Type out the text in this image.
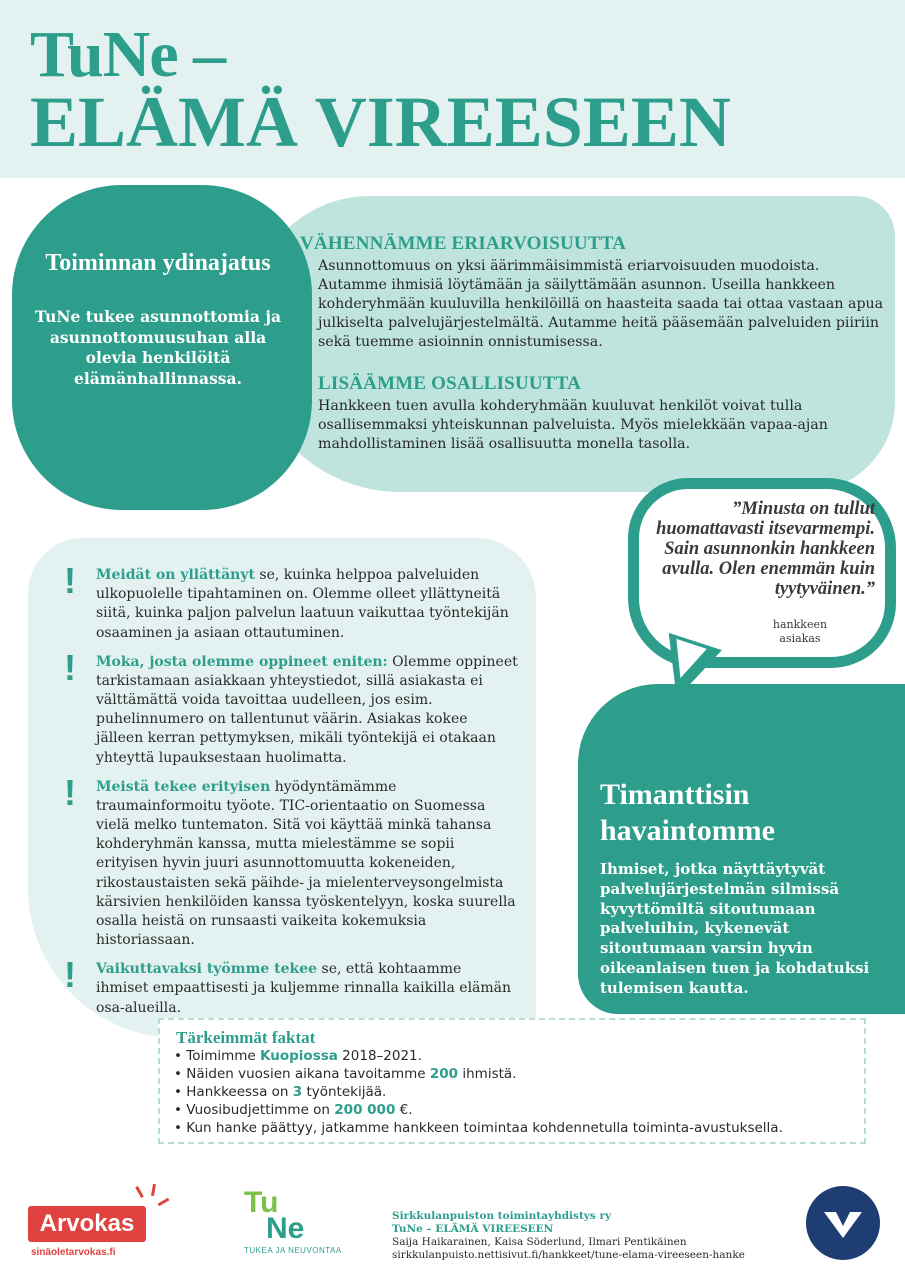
TuNe –
ELÄMÄ VIREESEEN
Toiminnan ydinajatus

TuNe tukee asunnottomia ja asunnottomuusuhan alla olevia henkilöitä elämänhallinnassa.

VÄHENNÄMME ERIARVOISUUTTA
Asunnottomuus on yksi äärimmäisimmistä eriarvoisuuden muodoista. Autamme ihmisiä löytämään ja säilyttämään asunnon. Useilla hankkeen kohderyhmään kuuluvilla henkilöillä on haasteita saada tai ottaa vastaan apua julkiselta palvelujärjestelmältä. Autamme heitä pääsemään palveluiden piiriin sekä tuemme asioinnin onnistumisessa.
LISÄÄMME OSALLISUUTTA
Hankkeen tuen avulla kohderyhmään kuuluvat henkilöt voivat tulla osallisemmaksi yhteiskunnan palveluista. Myös mielekkään vapaa-ajan mahdollistaminen lisää osallisuutta monella tasolla.
”Minusta on tullut huomattavasti itsevarmempi. Sain asunnonkin hankkeen avulla. Olen enemmän kuin tyytyväinen.”
hankkeen asiakas
!	Meidät on yllättänyt se, kuinka helppoa palveluiden ulkopuolelle tipahtaminen on. Olemme olleet yllättyneitä siitä, kuinka paljon palvelun laatuun vaikuttaa työntekijän osaaminen ja asiaan ottautuminen.
!	Moka, josta olemme oppineet eniten: Olemme oppineet tarkistamaan asiakkaan yhteystiedot, sillä asiakasta ei välttämättä voida tavoittaa uudelleen, jos esim. puhelinnumero on tallentunut väärin. Asiakas kokee jälleen kerran pettymyksen, mikäli työntekijä ei otakaan yhteyttä lupauksestaan huolimatta.
!	Meistä tekee erityisen hyödyntämämme traumainformoitu työote. TIC-orientaatio on Suomessa vielä melko tuntematon. Sitä voi käyttää minkä tahansa kohderyhmän kanssa, mutta mielestämme se sopii erityisen hyvin juuri asunnottomuutta kokeneiden, rikostaustaisten sekä päihde- ja mielenterveysongelmista kärsivien henkilöiden kanssa työskentelyyn, koska suurella osalla heistä on runsaasti vaikeita kokemuksia historiassaan.
!	Vaikuttavaksi työmme tekee se, että kohtaamme ihmiset empaattisesti ja kuljemme rinnalla kaikilla elämän osa-alueilla.
Timanttisin havaintomme

Ihmiset, jotka näyttäytyvät palvelujärjestelmän silmissä kyvyttömiltä sitoutumaan palveluihin, kykenevät sitoutumaan varsin hyvin oikeanlaisen tuen ja kohdatuksi tulemisen kautta.

Tärkeimmät faktat
• Toimimme Kuopiossa 2018–2021.
• Näiden vuosien aikana tavoitamme 200 ihmistä.
• Hankkeessa on 3 työntekijää.
• Vuosibudjettimme on 200 000 €.
• Kun hanke päättyy, jatkamme hankkeen toimintaa kohdennetulla toiminta-avustuksella.
Arvokas
sinäoletarvokas.fi
Tu
Ne
TUKEA JA NEUVONTAA
Sirkkulanpuiston toimintayhdistys ry
TuNe – ELÄMÄ VIREESEEN
Saija Haikarainen, Kaisa Söderlund, Ilmari Pentikäinen
sirkkulanpuisto.nettisivut.fi/hankkeet/tune-elama-vireeseen-hanke
